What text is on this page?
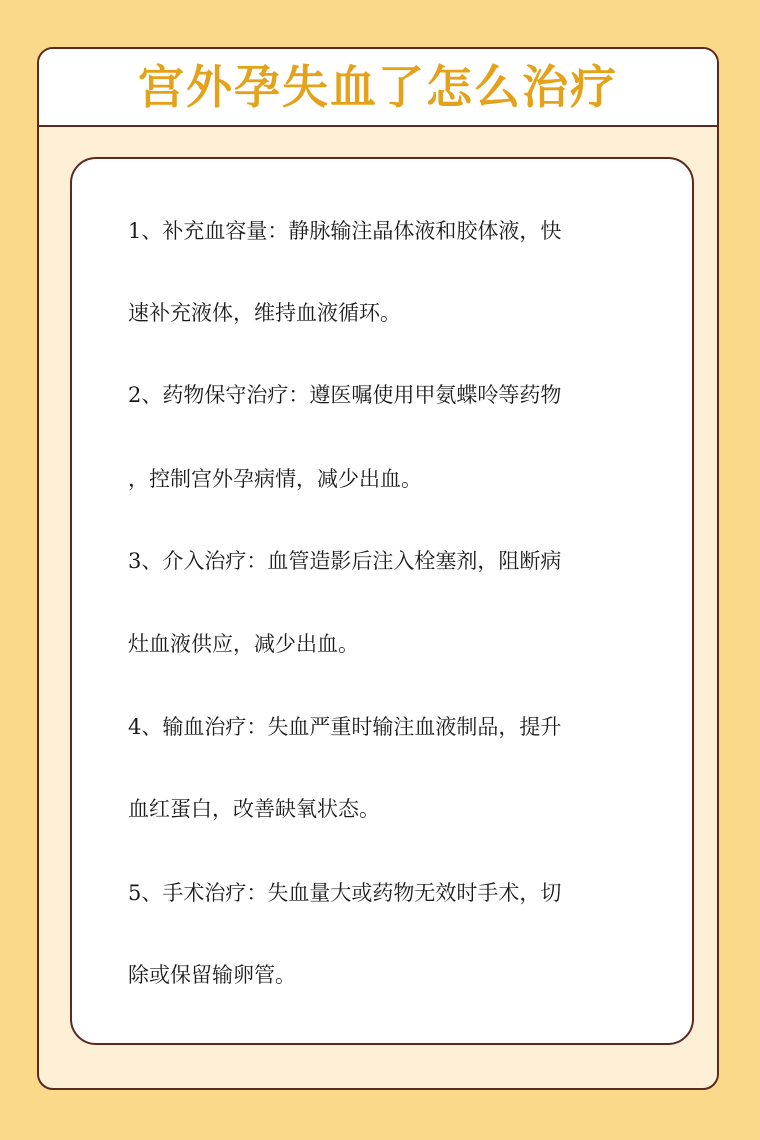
宫外孕失血了怎么治疗
1、补充血容量：静脉输注晶体液和胶体液，快
速补充液体，维持血液循环。
2、药物保守治疗：遵医嘱使用甲氨蝶呤等药物
，控制宫外孕病情，减少出血。
3、介入治疗：血管造影后注入栓塞剂，阻断病
灶血液供应，减少出血。
4、输血治疗：失血严重时输注血液制品，提升
血红蛋白，改善缺氧状态。
5、手术治疗：失血量大或药物无效时手术，切
除或保留输卵管。
